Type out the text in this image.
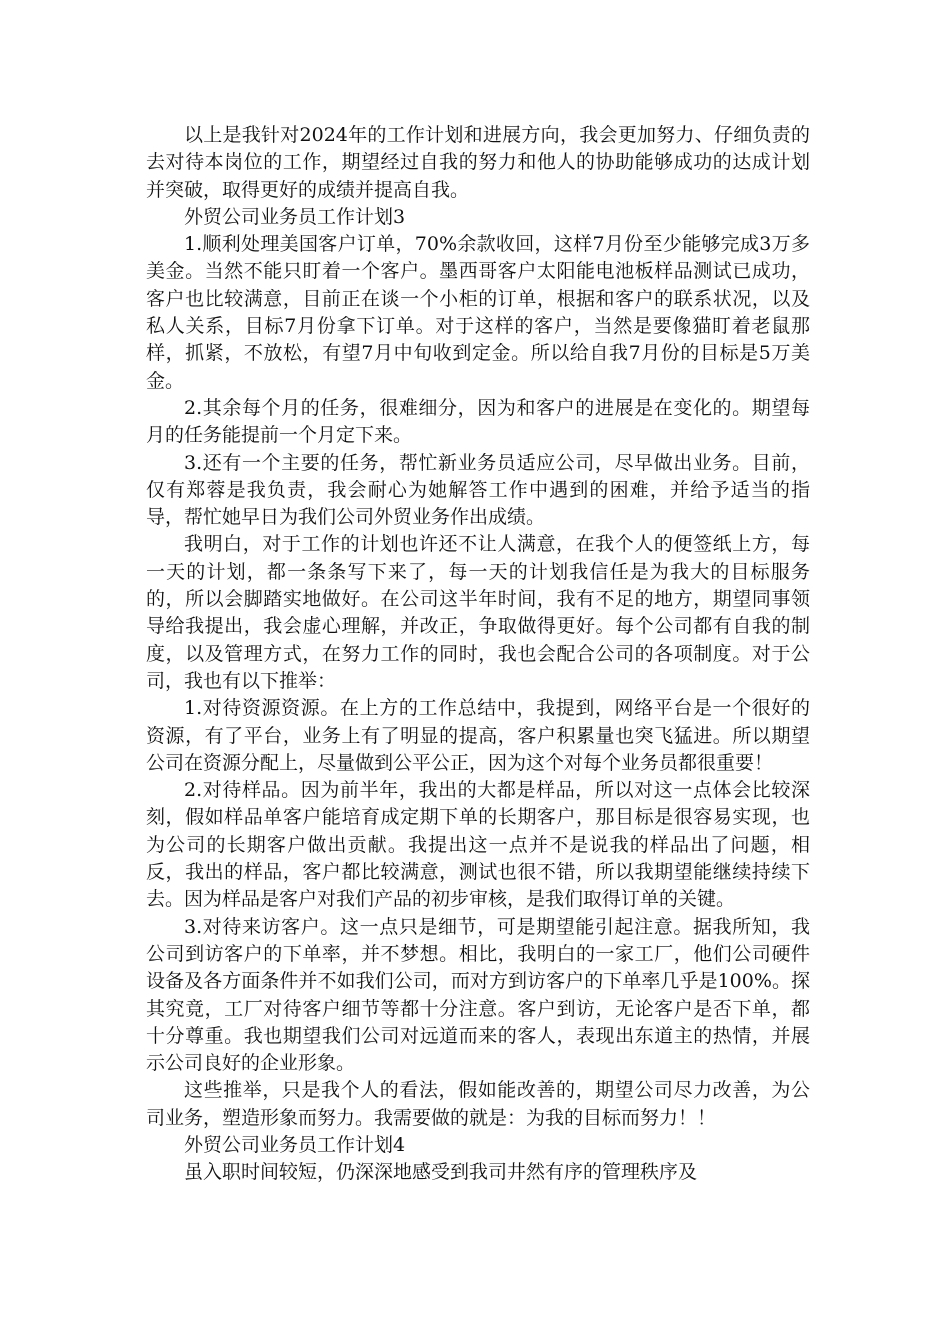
以上是我针对2024年的工作计划和进展方向，我会更加努力、仔细负责的去对待本岗位的工作，期望经过自我的努力和他人的协助能够成功的达成计划并突破，取得更好的成绩并提高自我。

外贸公司业务员工作计划3

1.顺利处理美国客户订单，70%余款收回，这样7月份至少能够完成3万多美金。当然不能只盯着一个客户。墨西哥客户太阳能电池板样品测试已成功，客户也比较满意，目前正在谈一个小柜的订单，根据和客户的联系状况，以及私人关系，目标7月份拿下订单。对于这样的客户，当然是要像猫盯着老鼠那样，抓紧，不放松，有望7月中旬收到定金。所以给自我7月份的目标是5万美金。

2.其余每个月的任务，很难细分，因为和客户的进展是在变化的。期望每月的任务能提前一个月定下来。

3.还有一个主要的任务，帮忙新业务员适应公司，尽早做出业务。目前，仅有郑蓉是我负责，我会耐心为她解答工作中遇到的困难，并给予适当的指导，帮忙她早日为我们公司外贸业务作出成绩。

我明白，对于工作的计划也许还不让人满意，在我个人的便签纸上方，每一天的计划，都一条条写下来了，每一天的计划我信任是为我大的目标服务的，所以会脚踏实地做好。在公司这半年时间，我有不足的地方，期望同事领导给我提出，我会虚心理解，并改正，争取做得更好。每个公司都有自我的制度，以及管理方式，在努力工作的同时，我也会配合公司的各项制度。对于公司，我也有以下推举：

1.对待资源资源。在上方的工作总结中，我提到，网络平台是一个很好的资源，有了平台，业务上有了明显的提高，客户积累量也突飞猛进。所以期望公司在资源分配上，尽量做到公平公正，因为这个对每个业务员都很重要！

2.对待样品。因为前半年，我出的大都是样品，所以对这一点体会比较深刻，假如样品单客户能培育成定期下单的长期客户，那目标是很容易实现，也为公司的长期客户做出贡献。我提出这一点并不是说我的样品出了问题，相反，我出的样品，客户都比较满意，测试也很不错，所以我期望能继续持续下去。因为样品是客户对我们产品的初步审核，是我们取得订单的关键。

3.对待来访客户。这一点只是细节，可是期望能引起注意。据我所知，我公司到访客户的下单率，并不梦想。相比，我明白的一家工厂，他们公司硬件设备及各方面条件并不如我们公司，而对方到访客户的下单率几乎是100%。探其究竟，工厂对待客户细节等都十分注意。客户到访，无论客户是否下单，都十分尊重。我也期望我们公司对远道而来的客人，表现出东道主的热情，并展示公司良好的企业形象。

这些推举，只是我个人的看法，假如能改善的，期望公司尽力改善，为公司业务，塑造形象而努力。我需要做的就是：为我的目标而努力！！

外贸公司业务员工作计划4

虽入职时间较短，仍深深地感受到我司井然有序的管理秩序及
